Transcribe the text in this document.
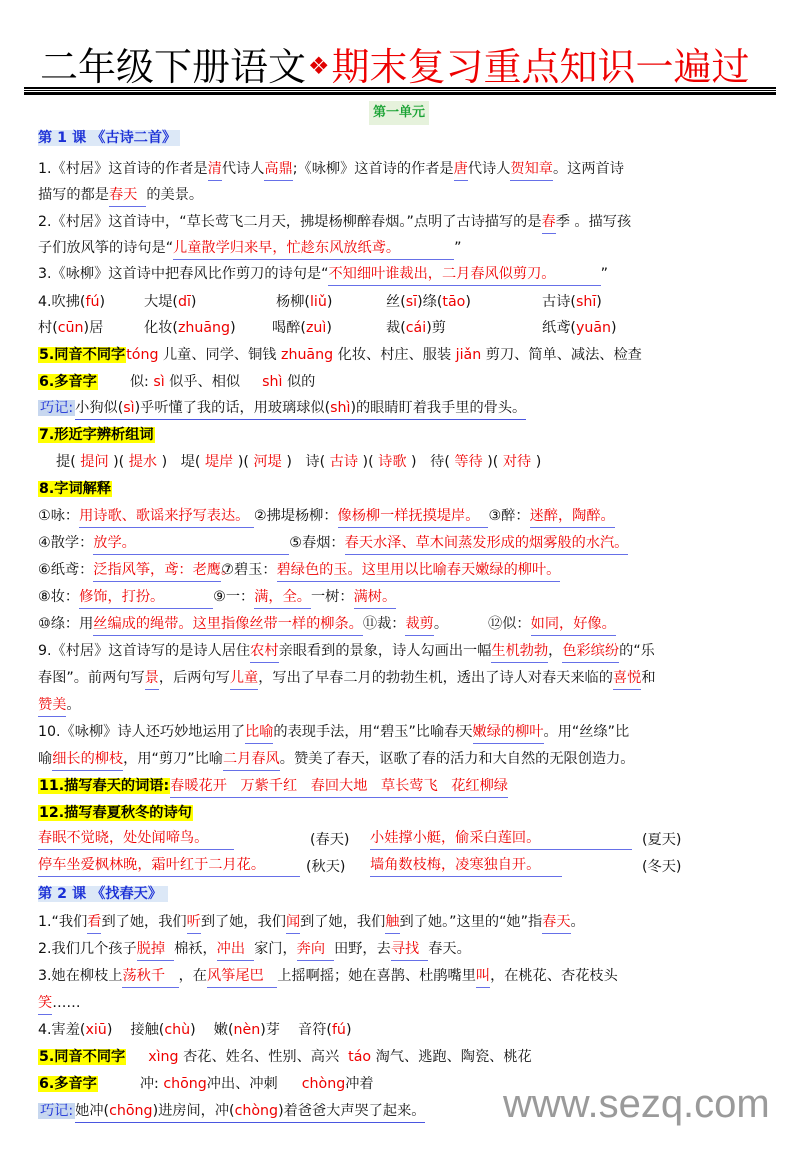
二年级下册语文❖期末复习重点知识一遍过
第一单元
第 1 课 《古诗二首》
1.《村居》这首诗的作者是清代诗人高鼎;《咏柳》这首诗的作者是唐代诗人贺知章。这两首诗
描写的都是春天  的美景。
2.《村居》这首诗中，“草长莺飞二月天，拂堤杨柳醉春烟。”点明了古诗描写的是春季 。描写孩
子们放风筝的诗句是“儿童散学归来早，忙趁东风放纸鸢。            ”
3.《咏柳》这首诗中把春风比作剪刀的诗句是“不知细叶谁裁出，二月春风似剪刀。          ”
4.吹拂(fú)	大堤(dī)	杨柳(liǔ)	丝(sī)绦(tāo)	古诗(shī)
村(cūn)居	化妆(zhuāng)	喝醉(zuì)	裁(cái)剪	纸鸢(yuān)
5.同音不同字tóng 儿童、同学、铜钱 zhuāng 化妆、村庄、服装 jiǎn 剪刀、简单、减法、检查
6.多音字 似: sì 似乎、相似 shì 似的
巧记: 小狗似(sì)乎听懂了我的话，用玻璃球似(shì)的眼睛盯着我手里的骨头。
7.形近字辨析组词
提( 提问 )( 提水 )   堤( 堤岸 )( 河堤 )   诗( 古诗 )( 诗歌 )   待( 等待 )( 对待 )
8.字词解释
①咏：用诗歌、歌谣来抒写表达。 ②拂堤杨柳：像杨柳一样抚摸堤岸。  ③醉：迷醉，陶醉。
④散学：放学。	⑤春烟：春天水泽、草木间蒸发形成的烟雾般的水汽。
⑥纸鸢：泛指风筝，鸢：老鹰。⑦碧玉：碧绿色的玉。这里用以比喻春天嫩绿的柳叶。
⑧妆：修饰，打扮。	⑨一：满，全。一树：满树。
⑩绦：用丝编成的绳带。这里指像丝带一样的柳条。⑪裁：裁剪。	⑫似：如同，好像。
9.《村居》这首诗写的是诗人居住农村亲眼看到的景象，诗人勾画出一幅生机勃勃，色彩缤纷的“乐
春图”。前两句写景，后两句写儿童，写出了早春二月的勃勃生机，透出了诗人对春天来临的喜悦和
赞美。
10.《咏柳》诗人还巧妙地运用了比喻的表现手法，用“碧玉”比喻春天嫩绿的柳叶。用“丝绦”比
喻细长的柳枝，用“剪刀”比喻二月春风。赞美了春天，讴歌了春的活力和大自然的无限创造力。
11.描写春天的词语:春暖花开   万紫千红   春回大地   草长莺飞   花红柳绿
12.描写春夏秋冬的诗句
春眠不觉晓，处处闻啼鸟。	(春天) 小娃撑小艇，偷采白莲回。	(夏天)
停车坐爱枫林晚，霜叶红于二月花。	(秋天) 墙角数枝梅，凌寒独自开。	(冬天)
第 2 课 《找春天》
1.“我们看到了她，我们听到了她，我们闻到了她，我们触到了她。”这里的“她”指春天。
2.我们几个孩子脱掉  棉袄，冲出  家门，奔向  田野，去寻找  春天。
3.她在柳枝上荡秋千   ，在风筝尾巴   上摇啊摇；她在喜鹊、杜鹃嘴里叫，在桃花、杏花枝头
笑……
4.害羞(xiū) 接触(chù) 嫩(nèn)芽 音符(fú)
5.同音不同字 xìng 杏花、姓名、性别、高兴 táo 淘气、逃跑、陶瓷、桃花
6.多音字	冲: chōng冲出、冲刺 chòng冲着
巧记: 她冲(chōng)进房间，冲(chòng)着爸爸大声哭了起来。 www.sezq.com
